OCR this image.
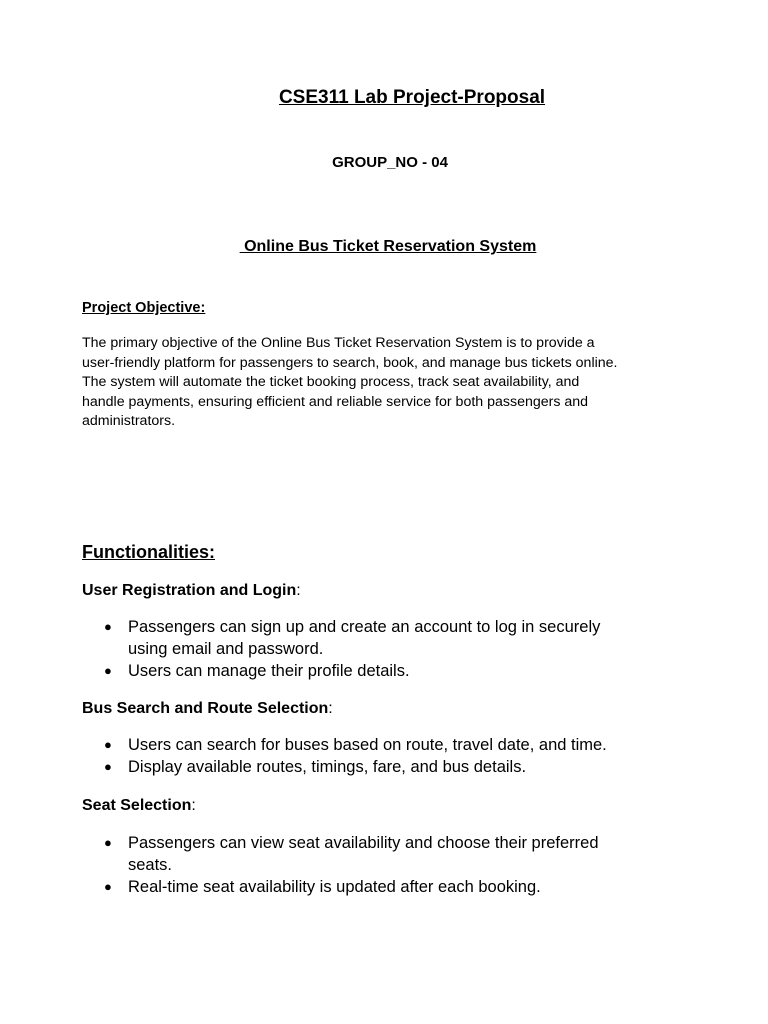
CSE311 Lab Project-Proposal

GROUP_NO - 04

Online Bus Ticket Reservation System
Project Objective:

The primary objective of the Online Bus Ticket Reservation System is to provide a
user-friendly platform for passengers to search, book, and manage bus tickets online.
The system will automate the ticket booking process, track seat availability, and
handle payments, ensuring efficient and reliable service for both passengers and
administrators.

Functionalities:

User Registration and Login:

● Passengers can sign up and create an account to log in securely
using email and password.
● Users can manage their profile details.

Bus Search and Route Selection:

● Users can search for buses based on route, travel date, and time.
● Display available routes, timings, fare, and bus details.

Seat Selection:

● Passengers can view seat availability and choose their preferred
seats.
● Real-time seat availability is updated after each booking.
